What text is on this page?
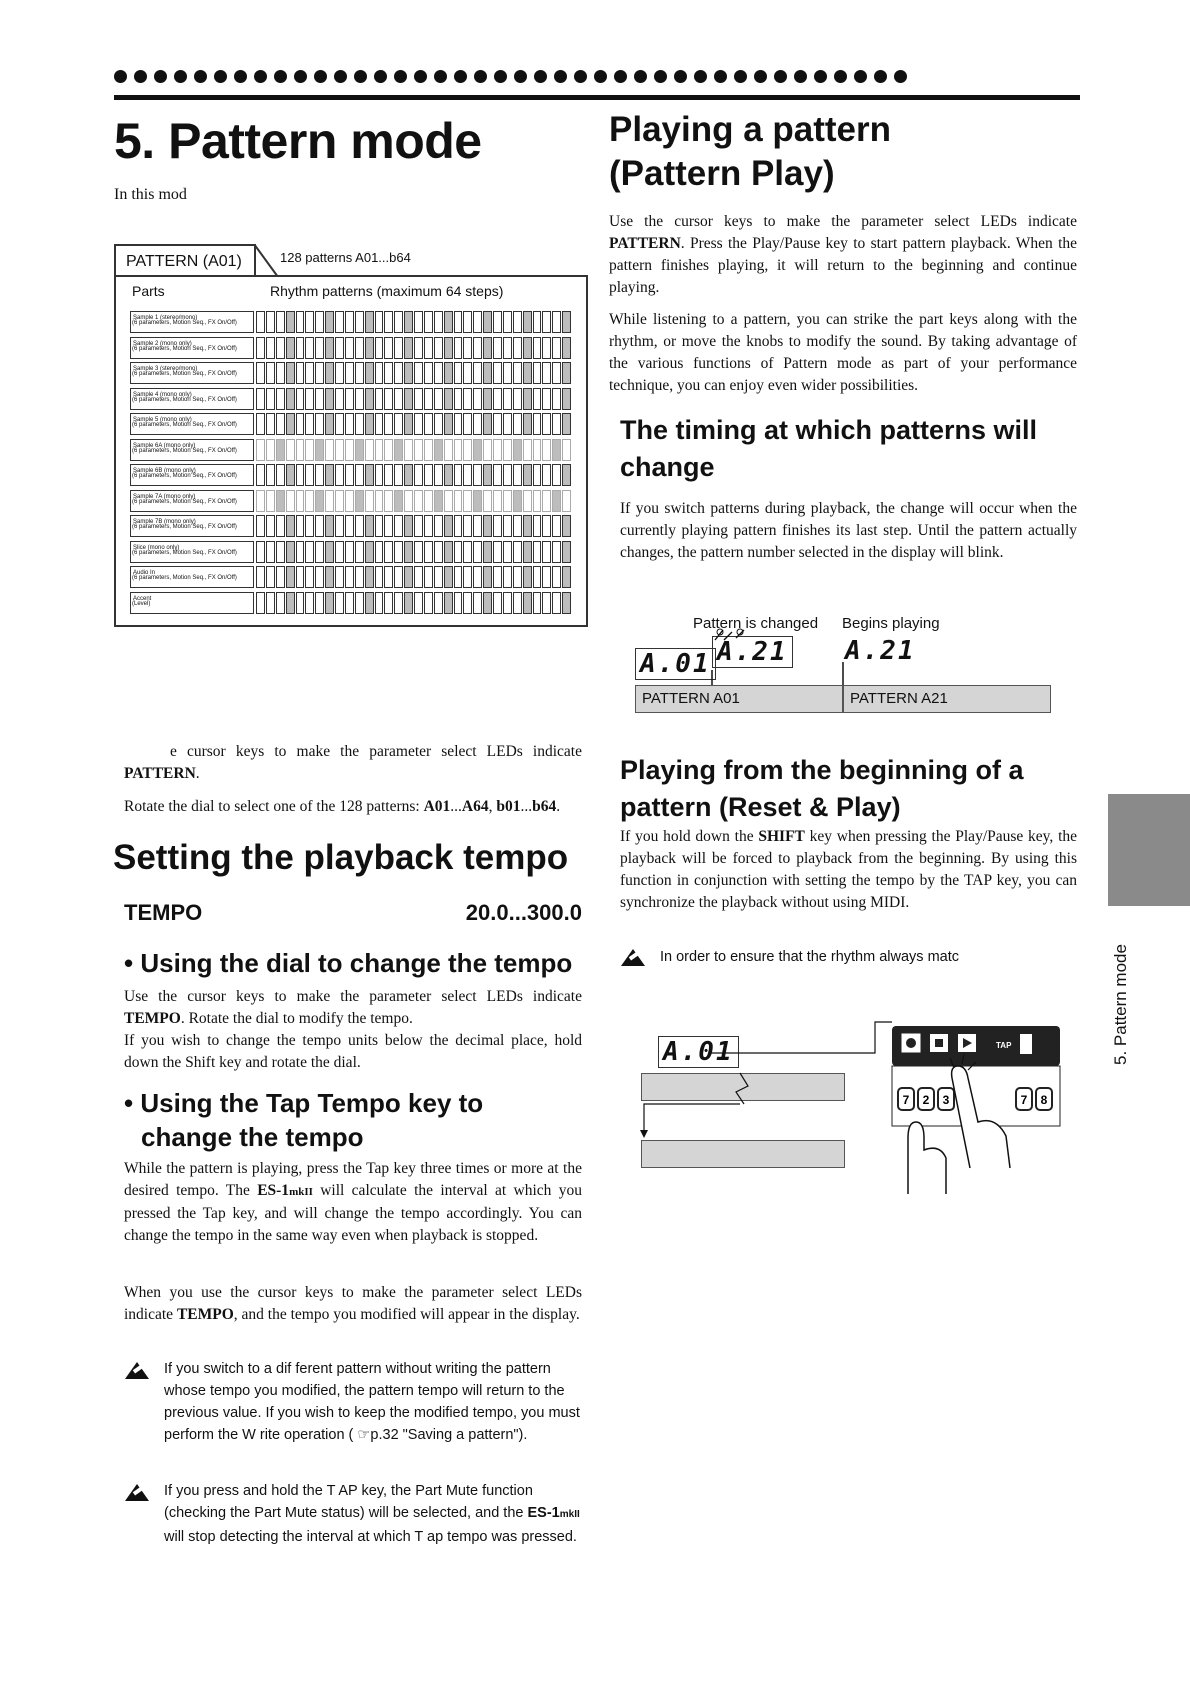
5. Pattern mode
In this mod
PATTERN (A01)	128 patterns A01...b64
Parts	Rhythm patterns (maximum 64 steps)
Sample 1 (stereo/mono)
(6 parameters, Motion Seq., FX On/Off)
Sample 2 (mono only)
(6 parameters, Motion Seq., FX On/Off)
Sample 3 (stereo/mono)
(6 parameters, Motion Seq., FX On/Off)
Sample 4 (mono only)
(6 parameters, Motion Seq., FX On/Off)
Sample 5 (mono only)
(6 parameters, Motion Seq., FX On/Off)
Sample 6A (mono only)
(6 parameters, Motion Seq., FX On/Off)
Sample 6B (mono only)
(6 parameters, Motion Seq., FX On/Off)
Sample 7A (mono only)
(6 parameters, Motion Seq., FX On/Off)
Sample 7B (mono only)
(6 parameters, Motion Seq., FX On/Off)
Slice (mono only)
(6 parameters, Motion Seq., FX On/Off)
Audio In
(6 parameters, Motion Seq., FX On/Off)
Accent
(Level)
e cursor keys to make the parameter select LEDs indicate PATTERN.
Rotate the dial to select one of the 128 patterns: A01...A64, b01...b64.
Setting the playback tempo
TEMPO	20.0...300.0
• Using the dial to change the tempo
Use the cursor keys to make the parameter select LEDs indicate TEMPO. Rotate the dial to modify the tempo.
If you wish to change the tempo units below the decimal place, hold down the Shift key and rotate the dial.
• Using the Tap Tempo key to
change the tempo
While the pattern is playing, press the Tap key three times or more at the desired tempo. The ES-1mkII will calculate the interval at which you pressed the Tap key, and will change the tempo accordingly. You can change the tempo in the same way even when playback is stopped.
When you use the cursor keys to make the parameter select LEDs indicate TEMPO, and the tempo you modified will appear in the display.
If you switch to a dif ferent pattern without writing the pattern whose tempo you modified, the pattern tempo will return to the previous value. If you wish to keep the modified tempo, you must perform the W rite operation ( ☞p.32 "Saving a pattern").
If you press and hold the T AP key, the Part Mute function (checking the Part Mute status) will be selected, and the ES-1mkII will stop detecting the interval at which T ap tempo was pressed.
Playing a pattern
(Pattern Play)
Use the cursor keys to make the parameter select LEDs indicate PATTERN. Press the Play/Pause key to start pattern playback. When the pattern finishes playing, it will return to the beginning and continue playing.
While listening to a pattern, you can strike the part keys along with the rhythm, or move the knobs to modify the sound. By taking advantage of the various functions of Pattern mode as part of your performance technique, you can enjoy even wider possibilities.
The timing at which patterns will
change
If you switch patterns during playback, the change will occur when the currently playing pattern finishes its last step. Until the pattern actually changes, the pattern number selected in the display will blink.
Pattern is changed Begins playing
A.01 A.21 A.21
PATTERN A01	PATTERN A21
Playing from the beginning of a
pattern (Reset & Play)
If you hold down the SHIFT key when pressing the Play/Pause key, the playback will be forced to playback from the beginning. By using this function in conjunction with setting the tempo by the TAP key, you can synchronize the playback without using MIDI.
In order to ensure that the rhythm always matc
A.01	TAP
7 2 3	7 8
5. Pattern mode
